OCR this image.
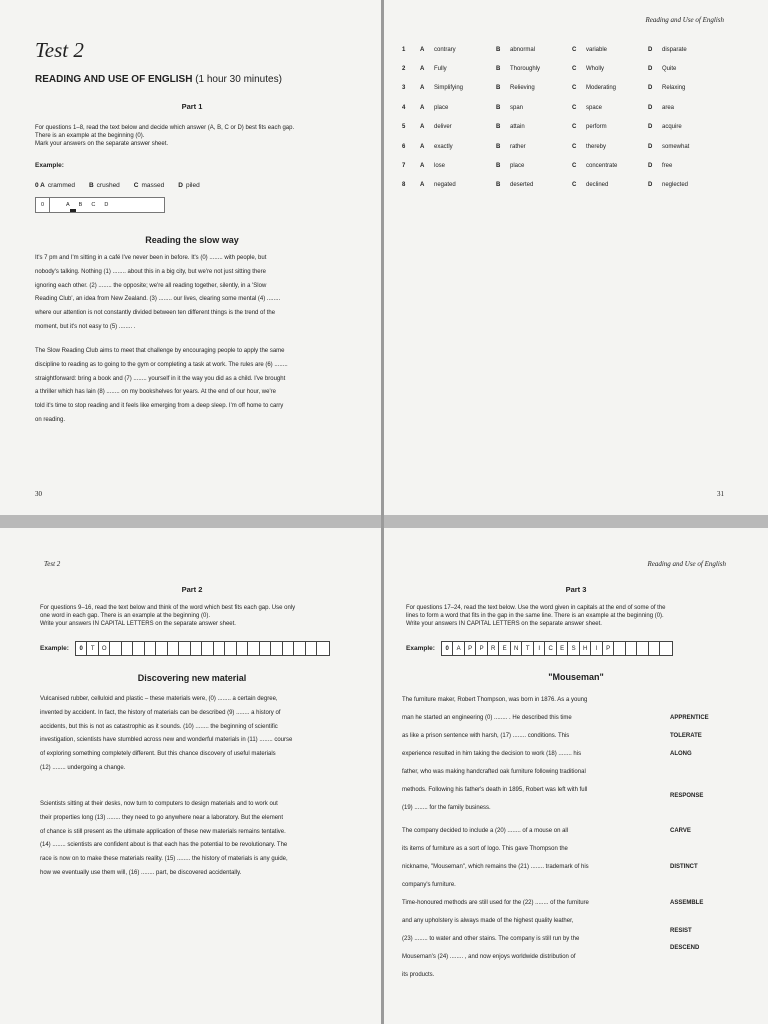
Test 2
READING AND USE OF ENGLISH (1 hour 30 minutes)
Part 1
For questions 1–8, read the text below and decide which answer (A, B, C or D) best fits each gap.
There is an example at the beginning (0).
Mark your answers on the separate answer sheet.
Example:
0 A crammed B crushed C massed D piled
0	A B C D
Reading the slow way
It's 7 pm and I'm sitting in a café I've never been in before. It's (0) ........ with people, but
nobody's talking. Nothing (1) ........ about this in a big city, but we're not just sitting there
ignoring each other. (2) ........ the opposite; we're all reading together, silently, in a 'Slow
Reading Club', an idea from New Zealand. (3) ........ our lives, clearing some mental (4) ........
where our attention is not constantly divided between ten different things is the trend of the
moment, but it's not easy to (5) ........ .
The Slow Reading Club aims to meet that challenge by encouraging people to apply the same
discipline to reading as to going to the gym or completing a task at work. The rules are (6) ........
straightforward: bring a book and (7) ........ yourself in it the way you did as a child. I've brought
a thriller which has lain (8) ........ on my bookshelves for years. At the end of our hour, we're
told it's time to stop reading and it feels like emerging from a deep sleep. I'm off home to carry
on reading.
30
Reading and Use of English
1	A	contrary	B	abnormal	C	variable	D	disparate
2	A	Fully	B	Thoroughly	C	Wholly	D	Quite
3	A	Simplifying	B	Relieving	C	Moderating	D	Relaxing
4	A	place	B	span	C	space	D	area
5	A	deliver	B	attain	C	perform	D	acquire
6	A	exactly	B	rather	C	thereby	D	somewhat
7	A	lose	B	place	C	concentrate	D	free
8	A	negated	B	deserted	C	declined	D	neglected
31
Test 2
Part 2
For questions 9–16, read the text below and think of the word which best fits each gap. Use only
one word in each gap. There is an example at the beginning (0).
Write your answers IN CAPITAL LETTERS on the separate answer sheet.
Example:	0	T	O
Discovering new material
Vulcanised rubber, celluloid and plastic – these materials were, (0) ........ a certain degree,
invented by accident. In fact, the history of materials can be described (9) ........ a history of
accidents, but this is not as catastrophic as it sounds. (10) ........ the beginning of scientific
investigation, scientists have stumbled across new and wonderful materials in (11) ........ course
of exploring something completely different. But this chance discovery of useful materials
(12) ........ undergoing a change.
Scientists sitting at their desks, now turn to computers to design materials and to work out
their properties long (13) ........ they need to go anywhere near a laboratory. But the element
of chance is still present as the ultimate application of these new materials remains tentative.
(14) ........ scientists are confident about is that each has the potential to be revolutionary. The
race is now on to make these materials reality. (15) ........ the history of materials is any guide,
how we eventually use them will, (16) ........ part, be discovered accidentally.
Reading and Use of English
Part 3
For questions 17–24, read the text below. Use the word given in capitals at the end of some of the
lines to form a word that fits in the gap in the same line. There is an example at the beginning (0).
Write your answers IN CAPITAL LETTERS on the separate answer sheet.
Example:	0	A	P	P	R	E	N	T	I	C	E	S	H	I	P
"Mouseman"
The furniture maker, Robert Thompson, was born in 1876. As a young
man he started an engineering (0) ........ . He described this time
as like a prison sentence with harsh, (17) ........ conditions. This
experience resulted in him taking the decision to work (18) ........ his
father, who was making handcrafted oak furniture following traditional
methods. Following his father's death in 1895, Robert was left with full
(19) ........ for the family business.
The company decided to include a (20) ........ of a mouse on all
its items of furniture as a sort of logo. This gave Thompson the
nickname, "Mouseman", which remains the (21) ........ trademark of his
company's furniture.
Time-honoured methods are still used for the (22) ........ of the furniture
and any upholstery is always made of the highest quality leather,
(23) ........ to water and other stains. The company is still run by the
Mouseman's (24) ........ , and now enjoys worldwide distribution of
its products.
APPRENTICE
TOLERATE
ALONG
RESPONSE
CARVE
DISTINCT
ASSEMBLE
RESIST
DESCEND
